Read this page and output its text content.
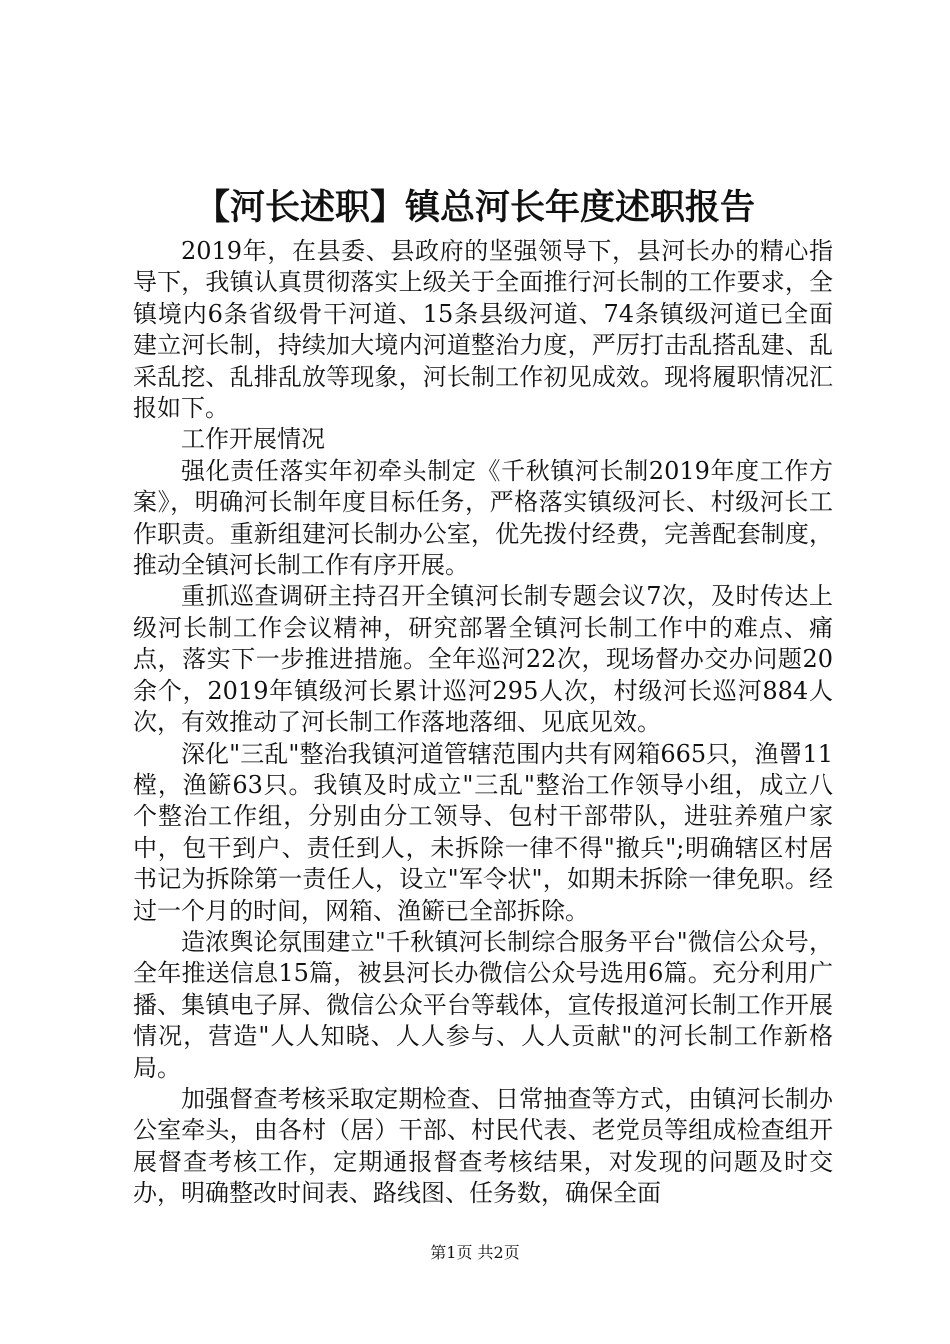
【河长述职】镇总河长年度述职报告

2019年，在县委、县政府的坚强领导下，县河长办的精心指导下，我镇认真贯彻落实上级关于全面推行河长制的工作要求，全镇境内6条省级骨干河道、15条县级河道、74条镇级河道已全面建立河长制，持续加大境内河道整治力度，严厉打击乱搭乱建、乱采乱挖、乱排乱放等现象，河长制工作初见成效。现将履职情况汇报如下。

工作开展情况

强化责任落实年初牵头制定《千秋镇河长制2019年度工作方案》，明确河长制年度目标任务，严格落实镇级河长、村级河长工作职责。重新组建河长制办公室，优先拨付经费，完善配套制度，推动全镇河长制工作有序开展。

重抓巡查调研主持召开全镇河长制专题会议7次，及时传达上级河长制工作会议精神，研究部署全镇河长制工作中的难点、痛点，落实下一步推进措施。全年巡河22次，现场督办交办问题20余个，2019年镇级河长累计巡河295人次，村级河长巡河884人次，有效推动了河长制工作落地落细、见底见效。

深化"三乱"整治我镇河道管辖范围内共有网箱665只，渔罾11樘，渔簖63只。我镇及时成立"三乱"整治工作领导小组，成立八个整治工作组，分别由分工领导、包村干部带队，进驻养殖户家中，包干到户、责任到人，未拆除一律不得"撤兵";明确辖区村居书记为拆除第一责任人，设立"军令状"，如期未拆除一律免职。经过一个月的时间，网箱、渔簖已全部拆除。

造浓舆论氛围建立"千秋镇河长制综合服务平台"微信公众号，全年推送信息15篇，被县河长办微信公众号选用6篇。充分利用广播、集镇电子屏、微信公众平台等载体，宣传报道河长制工作开展情况，营造"人人知晓、人人参与、人人贡献"的河长制工作新格局。

加强督查考核采取定期检查、日常抽查等方式，由镇河长制办公室牵头，由各村（居）干部、村民代表、老党员等组成检查组开展督查考核工作，定期通报督查考核结果，对发现的问题及时交办，明确整改时间表、路线图、任务数，确保全面

第1页 共2页
